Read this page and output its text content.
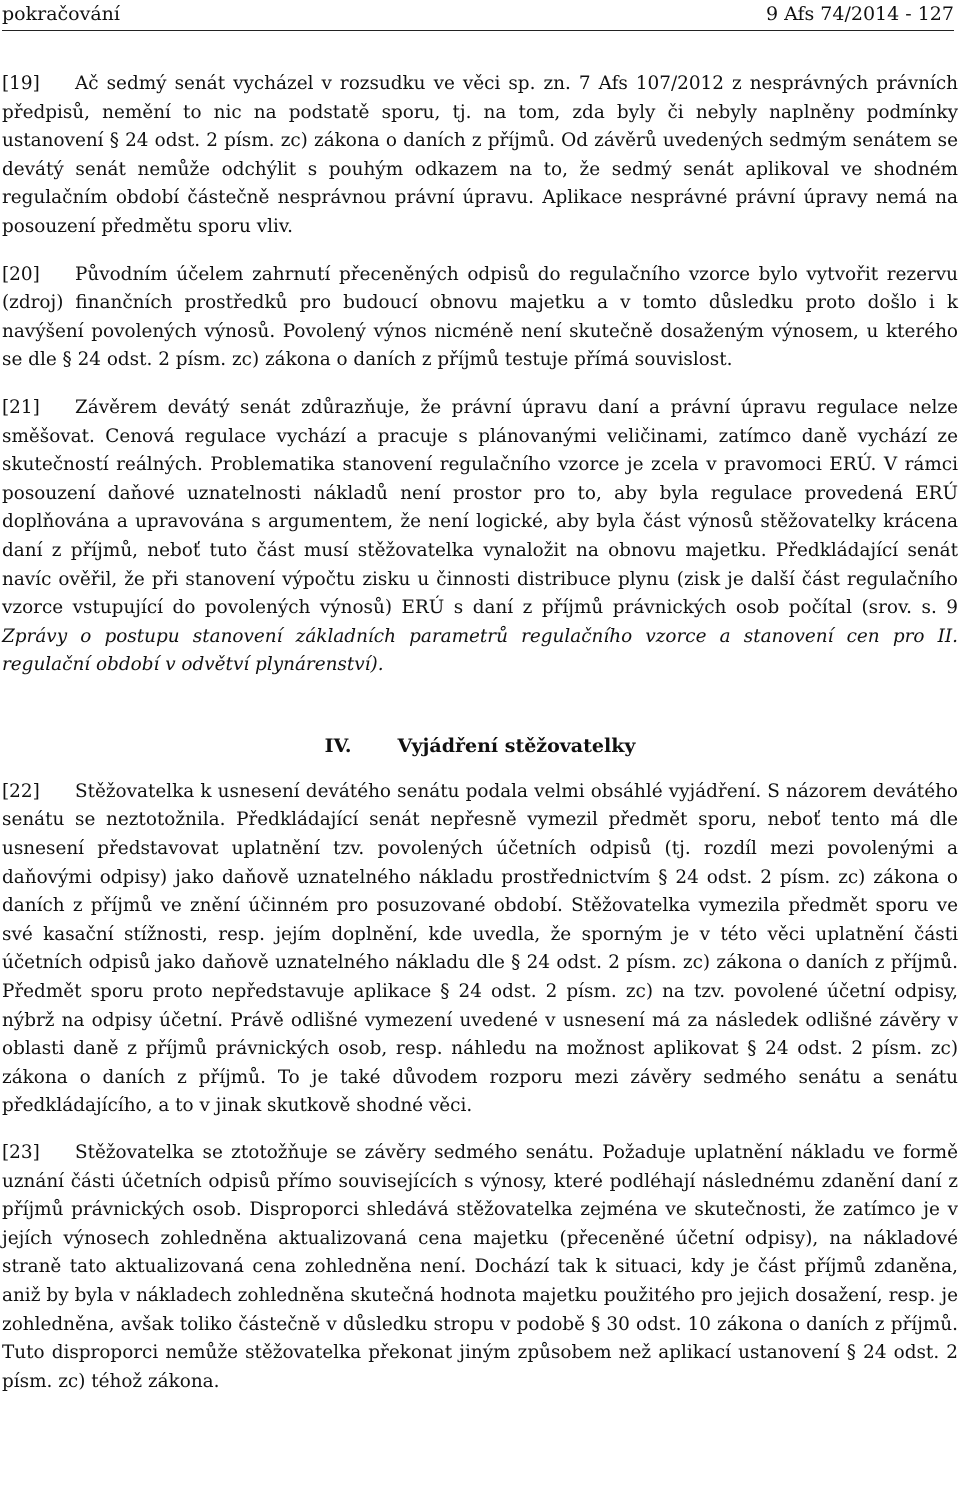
pokračování	9 Afs 74/2014 - 127

[19] Ač sedmý senát vycházel v rozsudku ve věci sp. zn. 7 Afs 107/2012 z nesprávných právních předpisů, nemění to nic na podstatě sporu, tj. na tom, zda byly či nebyly naplněny podmínky ustanovení § 24 odst. 2 písm. zc) zákona o daních z příjmů. Od závěrů uvedených sedmým senátem se devátý senát nemůže odchýlit s pouhým odkazem na to, že sedmý senát aplikoval ve shodném regulačním období částečně nesprávnou právní úpravu. Aplikace nesprávné právní úpravy nemá na posouzení předmětu sporu vliv.

[20] Původním účelem zahrnutí přeceněných odpisů do regulačního vzorce bylo vytvořit rezervu (zdroj) finančních prostředků pro budoucí obnovu majetku a v tomto důsledku proto došlo i k navýšení povolených výnosů. Povolený výnos nicméně není skutečně dosaženým výnosem, u kterého se dle § 24 odst. 2 písm. zc) zákona o daních z příjmů testuje přímá souvislost.

[21] Závěrem devátý senát zdůrazňuje, že právní úpravu daní a právní úpravu regulace nelze směšovat. Cenová regulace vychází a pracuje s plánovanými veličinami, zatímco daně vychází ze skutečností reálných. Problematika stanovení regulačního vzorce je zcela v pravomoci ERÚ. V rámci posouzení daňové uznatelnosti nákladů není prostor pro to, aby byla regulace provedená ERÚ doplňována a upravována s argumentem, že není logické, aby byla část výnosů stěžovatelky krácena daní z příjmů, neboť tuto část musí stěžovatelka vynaložit na obnovu majetku. Předkládající senát navíc ověřil, že při stanovení výpočtu zisku u činnosti distribuce plynu (zisk je další část regulačního vzorce vstupující do povolených výnosů) ERÚ s daní z příjmů právnických osob počítal (srov. s. 9 Zprávy o postupu stanovení základních parametrů regulačního vzorce a stanovení cen pro II. regulační období v odvětví plynárenství).

IV. Vyjádření stěžovatelky

[22] Stěžovatelka k usnesení devátého senátu podala velmi obsáhlé vyjádření. S názorem devátého senátu se neztotožnila. Předkládající senát nepřesně vymezil předmět sporu, neboť tento má dle usnesení představovat uplatnění tzv. povolených účetních odpisů (tj. rozdíl mezi povolenými a daňovými odpisy) jako daňově uznatelného nákladu prostřednictvím § 24 odst. 2 písm. zc) zákona o daních z příjmů ve znění účinném pro posuzované období. Stěžovatelka vymezila předmět sporu ve své kasační stížnosti, resp. jejím doplnění, kde uvedla, že sporným je v této věci uplatnění části účetních odpisů jako daňově uznatelného nákladu dle § 24 odst. 2 písm. zc) zákona o daních z příjmů. Předmět sporu proto nepředstavuje aplikace § 24 odst. 2 písm. zc) na tzv. povolené účetní odpisy, nýbrž na odpisy účetní. Právě odlišné vymezení uvedené v usnesení má za následek odlišné závěry v oblasti daně z příjmů právnických osob, resp. náhledu na možnost aplikovat § 24 odst. 2 písm. zc) zákona o daních z příjmů. To je také důvodem rozporu mezi závěry sedmého senátu a senátu předkládajícího, a to v jinak skutkově shodné věci.

[23] Stěžovatelka se ztotožňuje se závěry sedmého senátu. Požaduje uplatnění nákladu ve formě uznání části účetních odpisů přímo souvisejících s výnosy, které podléhají následnému zdanění daní z příjmů právnických osob. Disproporci shledává stěžovatelka zejména ve skutečnosti, že zatímco je v jejích výnosech zohledněna aktualizovaná cena majetku (přeceněné účetní odpisy), na nákladové straně tato aktualizovaná cena zohledněna není. Dochází tak k situaci, kdy je část příjmů zdaněna, aniž by byla v nákladech zohledněna skutečná hodnota majetku použitého pro jejich dosažení, resp. je zohledněna, avšak toliko částečně v důsledku stropu v podobě § 30 odst. 10 zákona o daních z příjmů. Tuto disproporci nemůže stěžovatelka překonat jiným způsobem než aplikací ustanovení § 24 odst. 2 písm. zc) téhož zákona.
